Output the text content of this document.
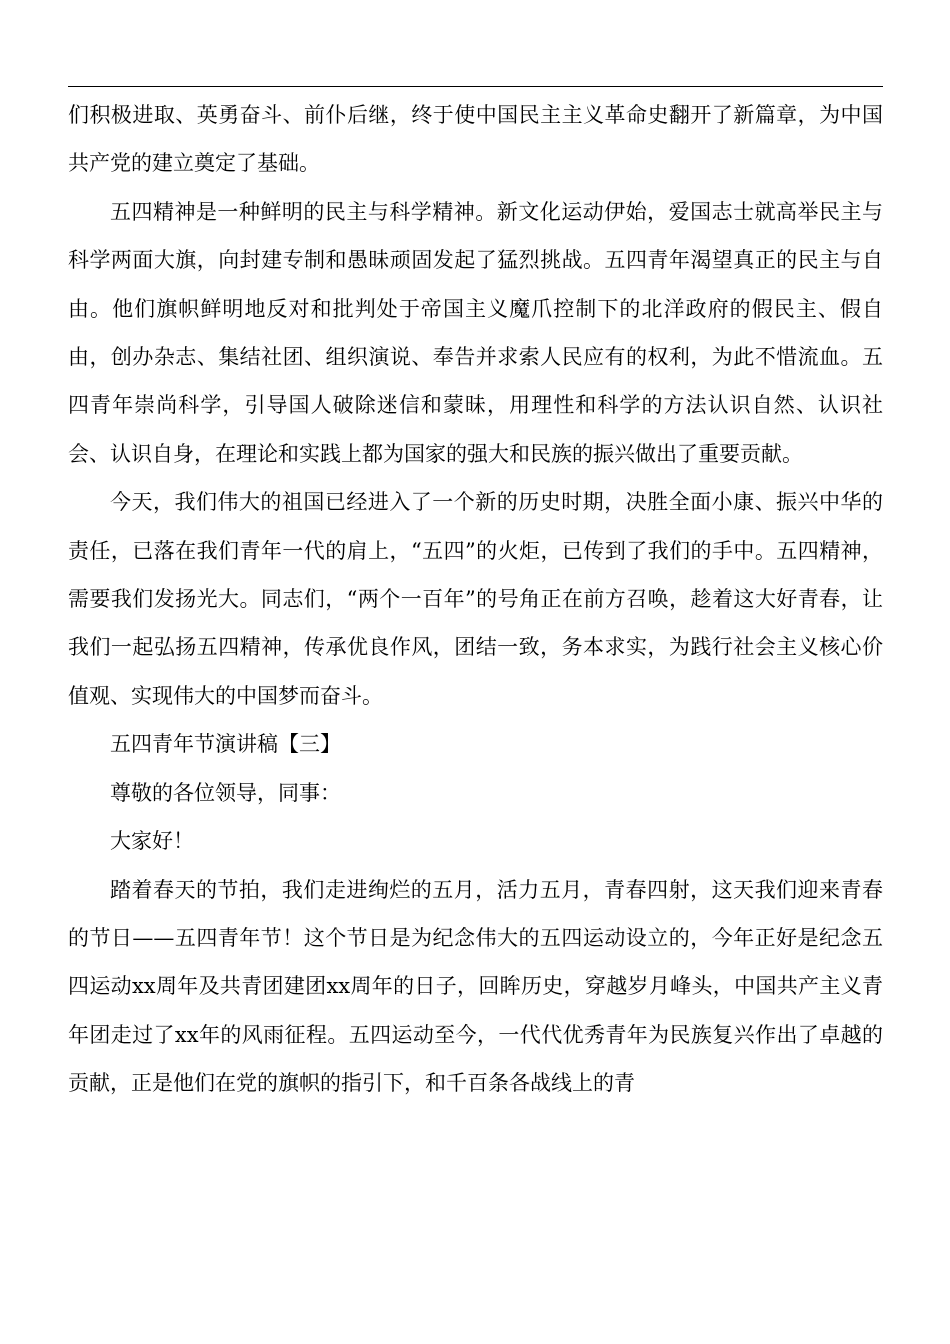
们积极进取、英勇奋斗、前仆后继，终于使中国民主主义革命史翻开了新篇章，为中国共产党的建立奠定了基础。

五四精神是一种鲜明的民主与科学精神。新文化运动伊始，爱国志士就高举民主与科学两面大旗，向封建专制和愚昧顽固发起了猛烈挑战。五四青年渴望真正的民主与自由。他们旗帜鲜明地反对和批判处于帝国主义魔爪控制下的北洋政府的假民主、假自由，创办杂志、集结社团、组织演说、奉告并求索人民应有的权利，为此不惜流血。五四青年崇尚科学，引导国人破除迷信和蒙昧，用理性和科学的方法认识自然、认识社会、认识自身，在理论和实践上都为国家的强大和民族的振兴做出了重要贡献。

今天，我们伟大的祖国已经进入了一个新的历史时期，决胜全面小康、振兴中华的责任，已落在我们青年一代的肩上，“五四”的火炬，已传到了我们的手中。五四精神，需要我们发扬光大。同志们，“两个一百年”的号角正在前方召唤，趁着这大好青春，让我们一起弘扬五四精神，传承优良作风，团结一致，务本求实，为践行社会主义核心价值观、实现伟大的中国梦而奋斗。

五四青年节演讲稿【三】

尊敬的各位领导，同事：

大家好！

踏着春天的节拍，我们走进绚烂的五月，活力五月，青春四射，这天我们迎来青春的节日——五四青年节！这个节日是为纪念伟大的五四运动设立的，今年正好是纪念五四运动xx周年及共青团建团xx周年的日子，回眸历史，穿越岁月峰头，中国共产主义青年团走过了xx年的风雨征程。五四运动至今，一代代优秀青年为民族复兴作出了卓越的贡献，正是他们在党的旗帜的指引下，和千百条各战线上的青
